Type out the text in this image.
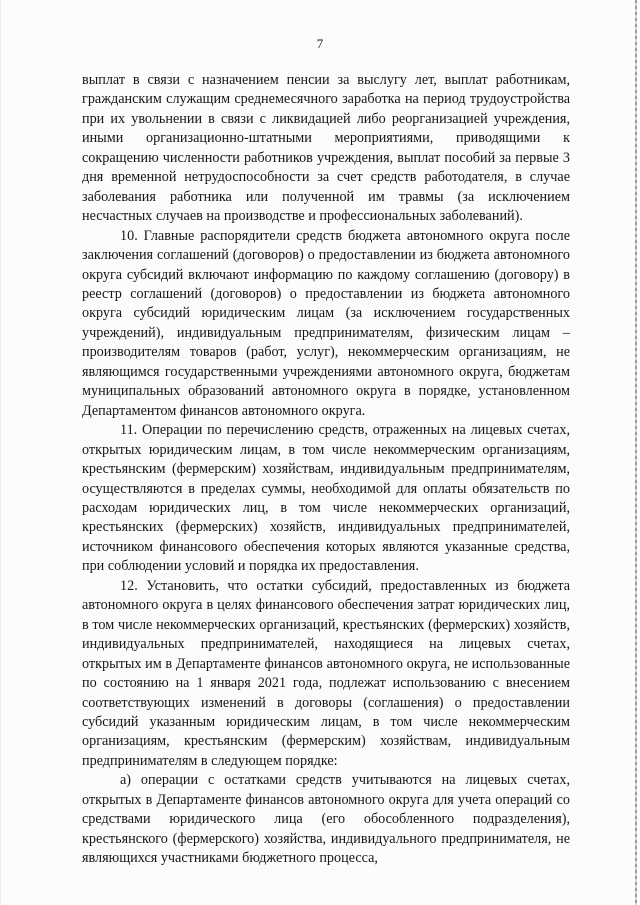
7

выплат в связи с назначением пенсии за выслугу лет, выплат работникам, гражданским служащим среднемесячного заработка на период трудоустройства при их увольнении в связи с ликвидацией либо реорганизацией учреждения, иными организационно-штатными мероприятиями, приводящими к сокращению численности работников учреждения, выплат пособий за первые 3 дня временной нетрудоспособности за счет средств работодателя, в случае заболевания работника или полученной им травмы (за исключением несчастных случаев на производстве и профессиональных заболеваний).

10. Главные распорядители средств бюджета автономного округа после заключения соглашений (договоров) о предоставлении из бюджета автономного округа субсидий включают информацию по каждому соглашению (договору) в реестр соглашений (договоров) о предоставлении из бюджета автономного округа субсидий юридическим лицам (за исключением государственных учреждений), индивидуальным предпринимателям, физическим лицам – производителям товаров (работ, услуг), некоммерческим организациям, не являющимся государственными учреждениями автономного округа, бюджетам муниципальных образований автономного округа в порядке, установленном Департаментом финансов автономного округа.

11. Операции по перечислению средств, отраженных на лицевых счетах, открытых юридическим лицам, в том числе некоммерческим организациям, крестьянским (фермерским) хозяйствам, индивидуальным предпринимателям, осуществляются в пределах суммы, необходимой для оплаты обязательств по расходам юридических лиц, в том числе некоммерческих организаций, крестьянских (фермерских) хозяйств, индивидуальных предпринимателей, источником финансового обеспечения которых являются указанные средства, при соблюдении условий и порядка их предоставления.

12. Установить, что остатки субсидий, предоставленных из бюджета автономного округа в целях финансового обеспечения затрат юридических лиц, в том числе некоммерческих организаций, крестьянских (фермерских) хозяйств, индивидуальных предпринимателей, находящиеся на лицевых счетах, открытых им в Департаменте финансов автономного округа, не использованные по состоянию на 1 января 2021 года, подлежат использованию с внесением соответствующих изменений в договоры (соглашения) о предоставлении субсидий указанным юридическим лицам, в том числе некоммерческим организациям, крестьянским (фермерским) хозяйствам, индивидуальным предпринимателям в следующем порядке:

а) операции с остатками средств учитываются на лицевых счетах, открытых в Департаменте финансов автономного округа для учета операций со средствами юридического лица (его обособленного подразделения), крестьянского (фермерского) хозяйства, индивидуального предпринимателя, не являющихся участниками бюджетного процесса,
